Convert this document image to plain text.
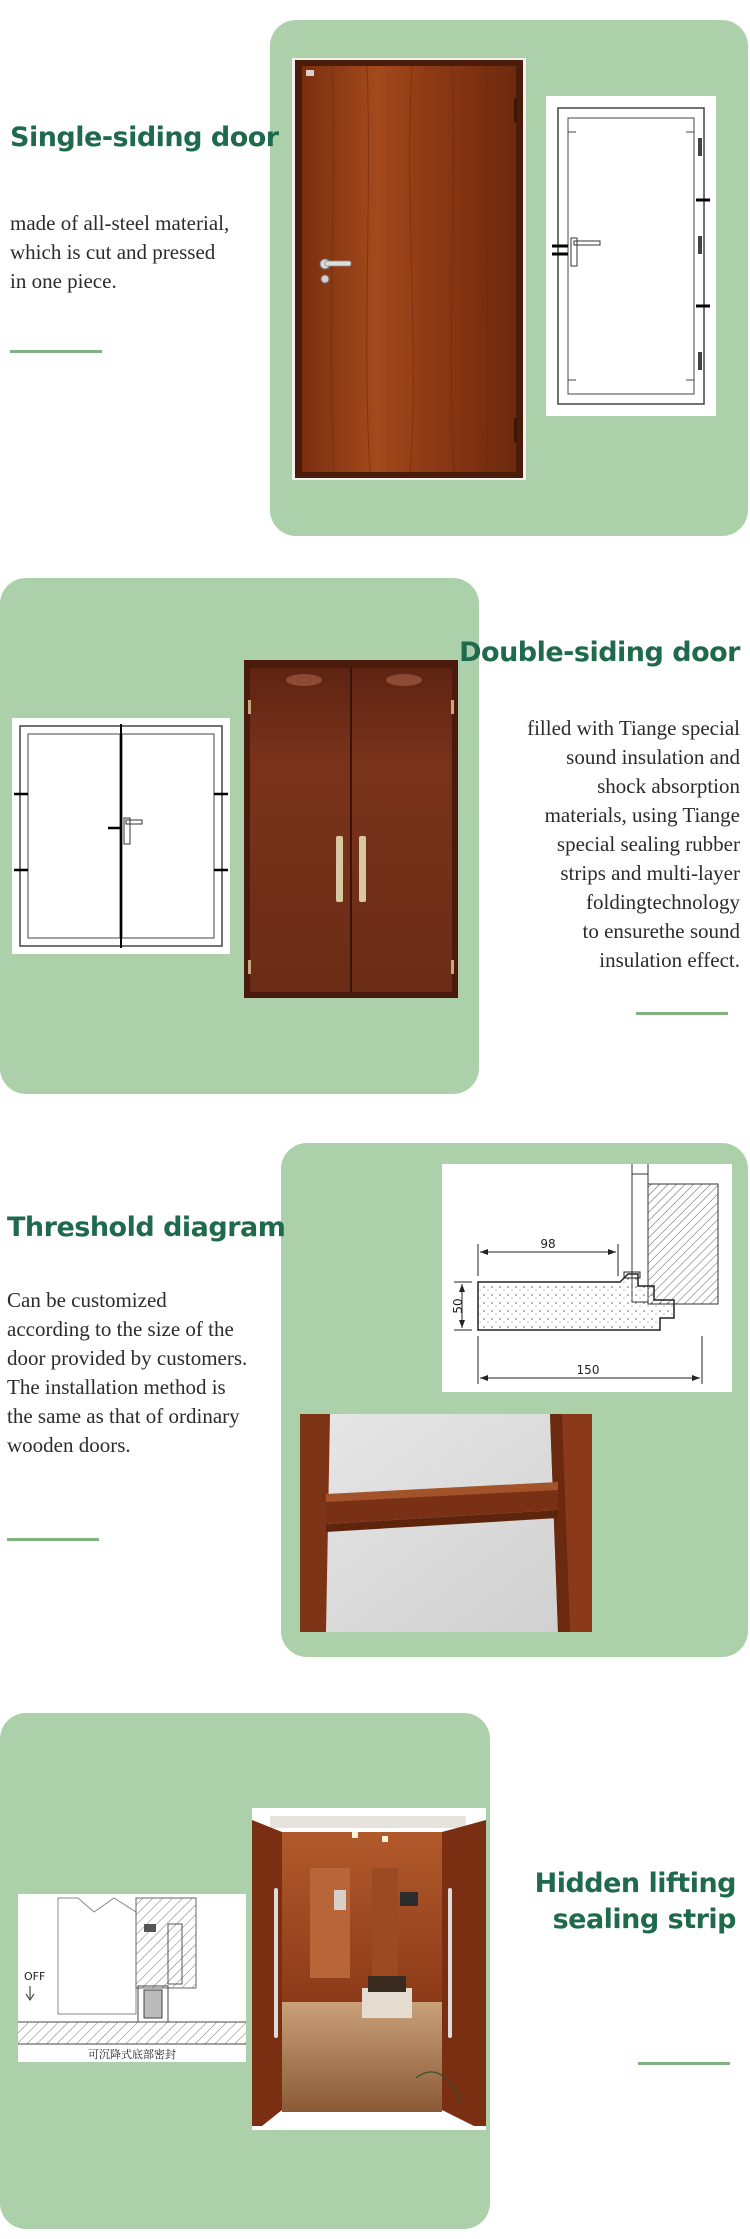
Single-siding door
made of all-steel material,
which is cut and pressed
in one piece.
Double-siding door
filled with Tiange special
sound insulation and
shock absorption
materials, using Tiange
special sealing rubber
strips and multi-layer
foldingtechnology
to ensurethe sound
insulation effect.
Threshold diagram
Can be customized
according to the size of the
door provided by customers.
The installation method is
the same as that of ordinary
wooden doors.
98
50
150
OFF
可沉降式底部密封
Hidden lifting
sealing strip
